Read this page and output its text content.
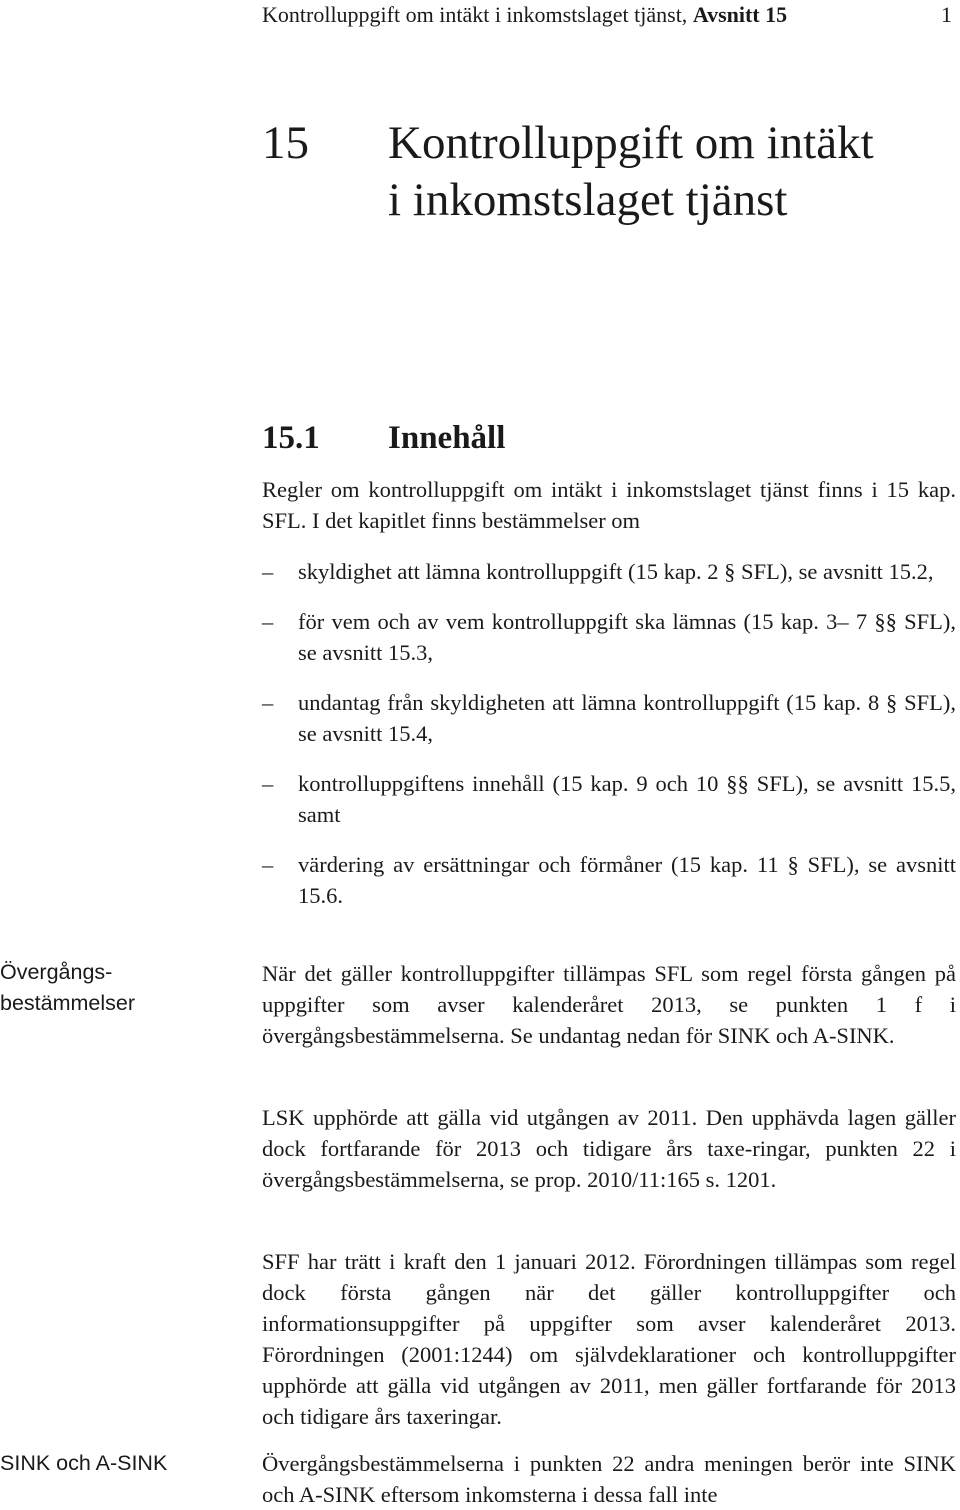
Kontrolluppgift om intäkt i inkomstslaget tjänst, Avsnitt 15	1
15	Kontrolluppgift om intäkt
i inkomstslaget tjänst
15.1	Innehåll

Regler om kontrolluppgift om intäkt i inkomstslaget tjänst finns i 15 kap. SFL. I det kapitlet finns bestämmelser om

– skyldighet att lämna kontrolluppgift (15 kap. 2 § SFL), se avsnitt 15.2,
– för vem och av vem kontrolluppgift ska lämnas (15 kap. 3– 7 §§ SFL), se avsnitt 15.3,
– undantag från skyldigheten att lämna kontrolluppgift (15 kap. 8 § SFL), se avsnitt 15.4,
– kontrolluppgiftens innehåll (15 kap. 9 och 10 §§ SFL), se avsnitt 15.5, samt
– värdering av ersättningar och förmåner (15 kap. 11 § SFL), se avsnitt 15.6.
Övergångs-
bestämmelser
SINK och A-SINK

När det gäller kontrolluppgifter tillämpas SFL som regel första gången på uppgifter som avser kalenderåret 2013, se punkten 1 f i övergångsbestämmelserna. Se undantag nedan för SINK och A-SINK.

LSK upphörde att gälla vid utgången av 2011. Den upphävda lagen gäller dock fortfarande för 2013 och tidigare års taxe-ringar, punkten 22 i övergångsbestämmelserna, se prop. 2010/11:165 s. 1201.

SFF har trätt i kraft den 1 januari 2012. Förordningen tillämpas som regel dock första gången när det gäller kontrolluppgifter och informationsuppgifter på uppgifter som avser kalenderåret 2013. Förordningen (2001:1244) om självdeklarationer och kontrolluppgifter upphörde att gälla vid utgången av 2011, men gäller fortfarande för 2013 och tidigare års taxeringar.

Övergångsbestämmelserna i punkten 22 andra meningen berör inte SINK och A-SINK eftersom inkomsterna i dessa fall inte
